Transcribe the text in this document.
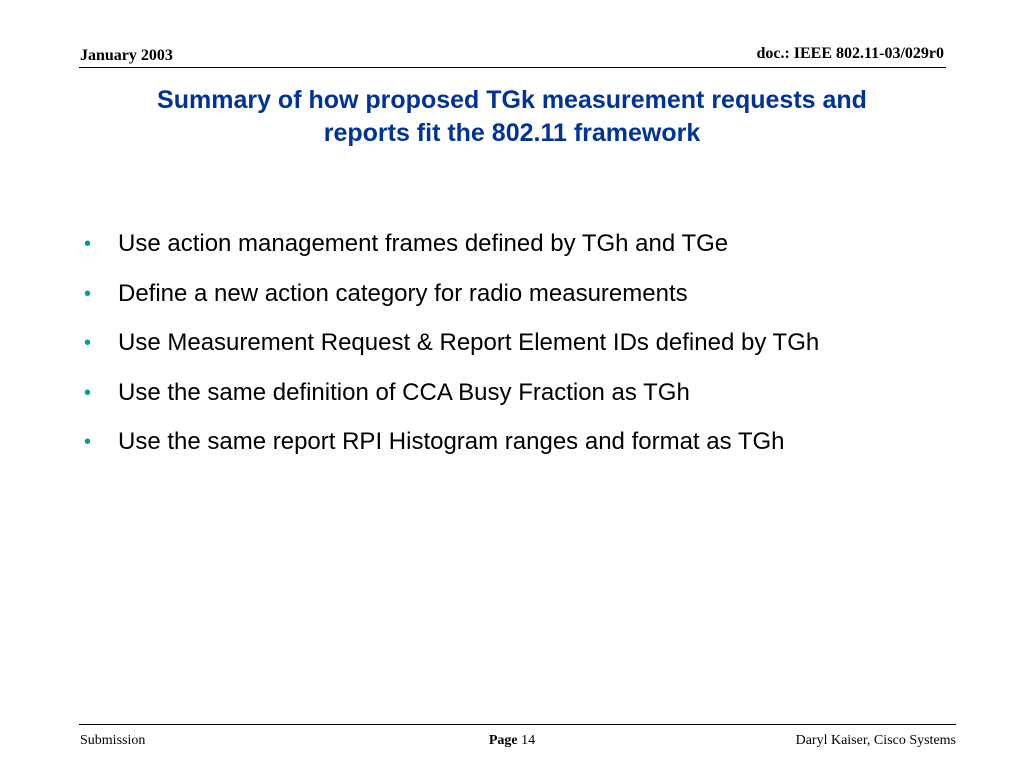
January 2003	doc.: IEEE 802.11-03/029r0
Summary of how proposed TGk measurement requests and
reports fit the 802.11 framework
•	Use action management frames defined by TGh and TGe
•	Define a new action category for radio measurements
•	Use Measurement Request & Report Element IDs defined by TGh
•	Use the same definition of CCA Busy Fraction as TGh
•	Use the same report RPI Histogram ranges and format as TGh
Submission	Page 14	Daryl Kaiser, Cisco Systems
